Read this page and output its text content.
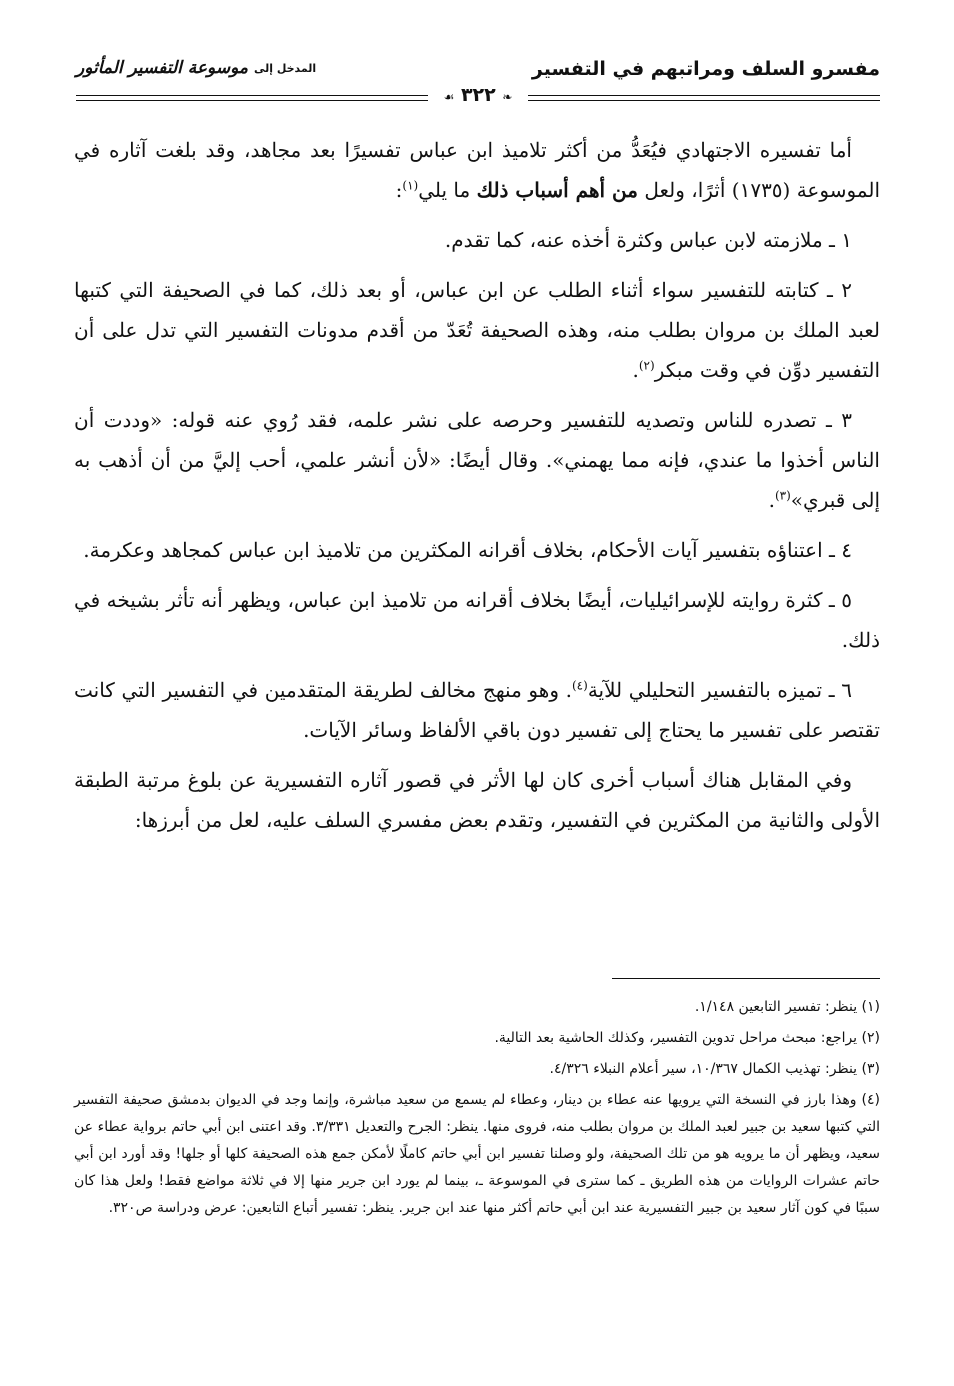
مفسرو السلف ومراتبهم في التفسير
المدخل إلى
موسوعة التفسير المأثور
❧ ٣٢٢ ☙

أما تفسيره الاجتهادي فيُعَدُّ من أكثر تلاميذ ابن عباس تفسيرًا بعد مجاهد، وقد بلغت آثاره في الموسوعة (١٧٣٥) أثرًا، ولعل من أهم أسباب ذلك ما يلي$^{(١)}$:

١ ـ ملازمته لابن عباس وكثرة أخذه عنه، كما تقدم.

٢ ـ كتابته للتفسير سواء أثناء الطلب عن ابن عباس، أو بعد ذلك، كما في الصحيفة التي كتبها لعبد الملك بن مروان بطلب منه، وهذه الصحيفة تُعَدّ من أقدم مدونات التفسير التي تدل على أن التفسير دوِّن في وقت مبكر$^{(٢)}$.

٣ ـ تصدره للناس وتصديه للتفسير وحرصه على نشر علمه، فقد رُوي عنه قوله: «وددت أن الناس أخذوا ما عندي، فإنه مما يهمني». وقال أيضًا: «لأن أنشر علمي، أحب إليَّ من أن أذهب به إلى قبري»$^{(٣)}$.

٤ ـ اعتناؤه بتفسير آيات الأحكام، بخلاف أقرانه المكثرين من تلاميذ ابن عباس كمجاهد وعكرمة.

٥ ـ كثرة روايته للإسرائيليات، أيضًا بخلاف أقرانه من تلاميذ ابن عباس، ويظهر أنه تأثر بشيخه في ذلك.

٦ ـ تميزه بالتفسير التحليلي للآية$^{(٤)}$. وهو منهج مخالف لطريقة المتقدمين في التفسير التي كانت تقتصر على تفسير ما يحتاج إلى تفسير دون باقي الألفاظ وسائر الآيات.

وفي المقابل هناك أسباب أخرى كان لها الأثر في قصور آثاره التفسيرية عن بلوغ مرتبة الطبقة الأولى والثانية من المكثرين في التفسير، وتقدم بعض مفسري السلف عليه، لعل من أبرزها:

(١) ينظر: تفسير التابعين ١/١٤٨.

(٢) يراجع: مبحث مراحل تدوين التفسير، وكذلك الحاشية بعد التالية.

(٣) ينظر: تهذيب الكمال ١٠/٣٦٧، سير أعلام النبلاء ٤/٣٢٦.

(٤) وهذا بارز في النسخة التي يرويها عنه عطاء بن دينار، وعطاء لم يسمع من سعيد مباشرة، وإنما وجد في الديوان بدمشق صحيفة التفسير التي كتبها سعيد بن جبير لعبد الملك بن مروان بطلب منه، فروى منها. ينظر: الجرح والتعديل ٣/٣٣١. وقد اعتنى ابن أبي حاتم برواية عطاء عن سعيد، ويظهر أن ما يرويه هو من تلك الصحيفة، ولو وصلنا تفسير ابن أبي حاتم كاملًا لأمكن جمع هذه الصحيفة كلها أو جلها! وقد أورد ابن أبي حاتم عشرات الروايات من هذه الطريق ـ كما سترى في الموسوعة ـ، بينما لم يورد ابن جرير منها إلا في ثلاثة مواضع فقط! ولعل هذا كان سببًا في كون آثار سعيد بن جبير التفسيرية عند ابن أبي حاتم أكثر منها عند ابن جرير. ينظر: تفسير أتباع التابعين: عرض ودراسة ص٣٢٠.
